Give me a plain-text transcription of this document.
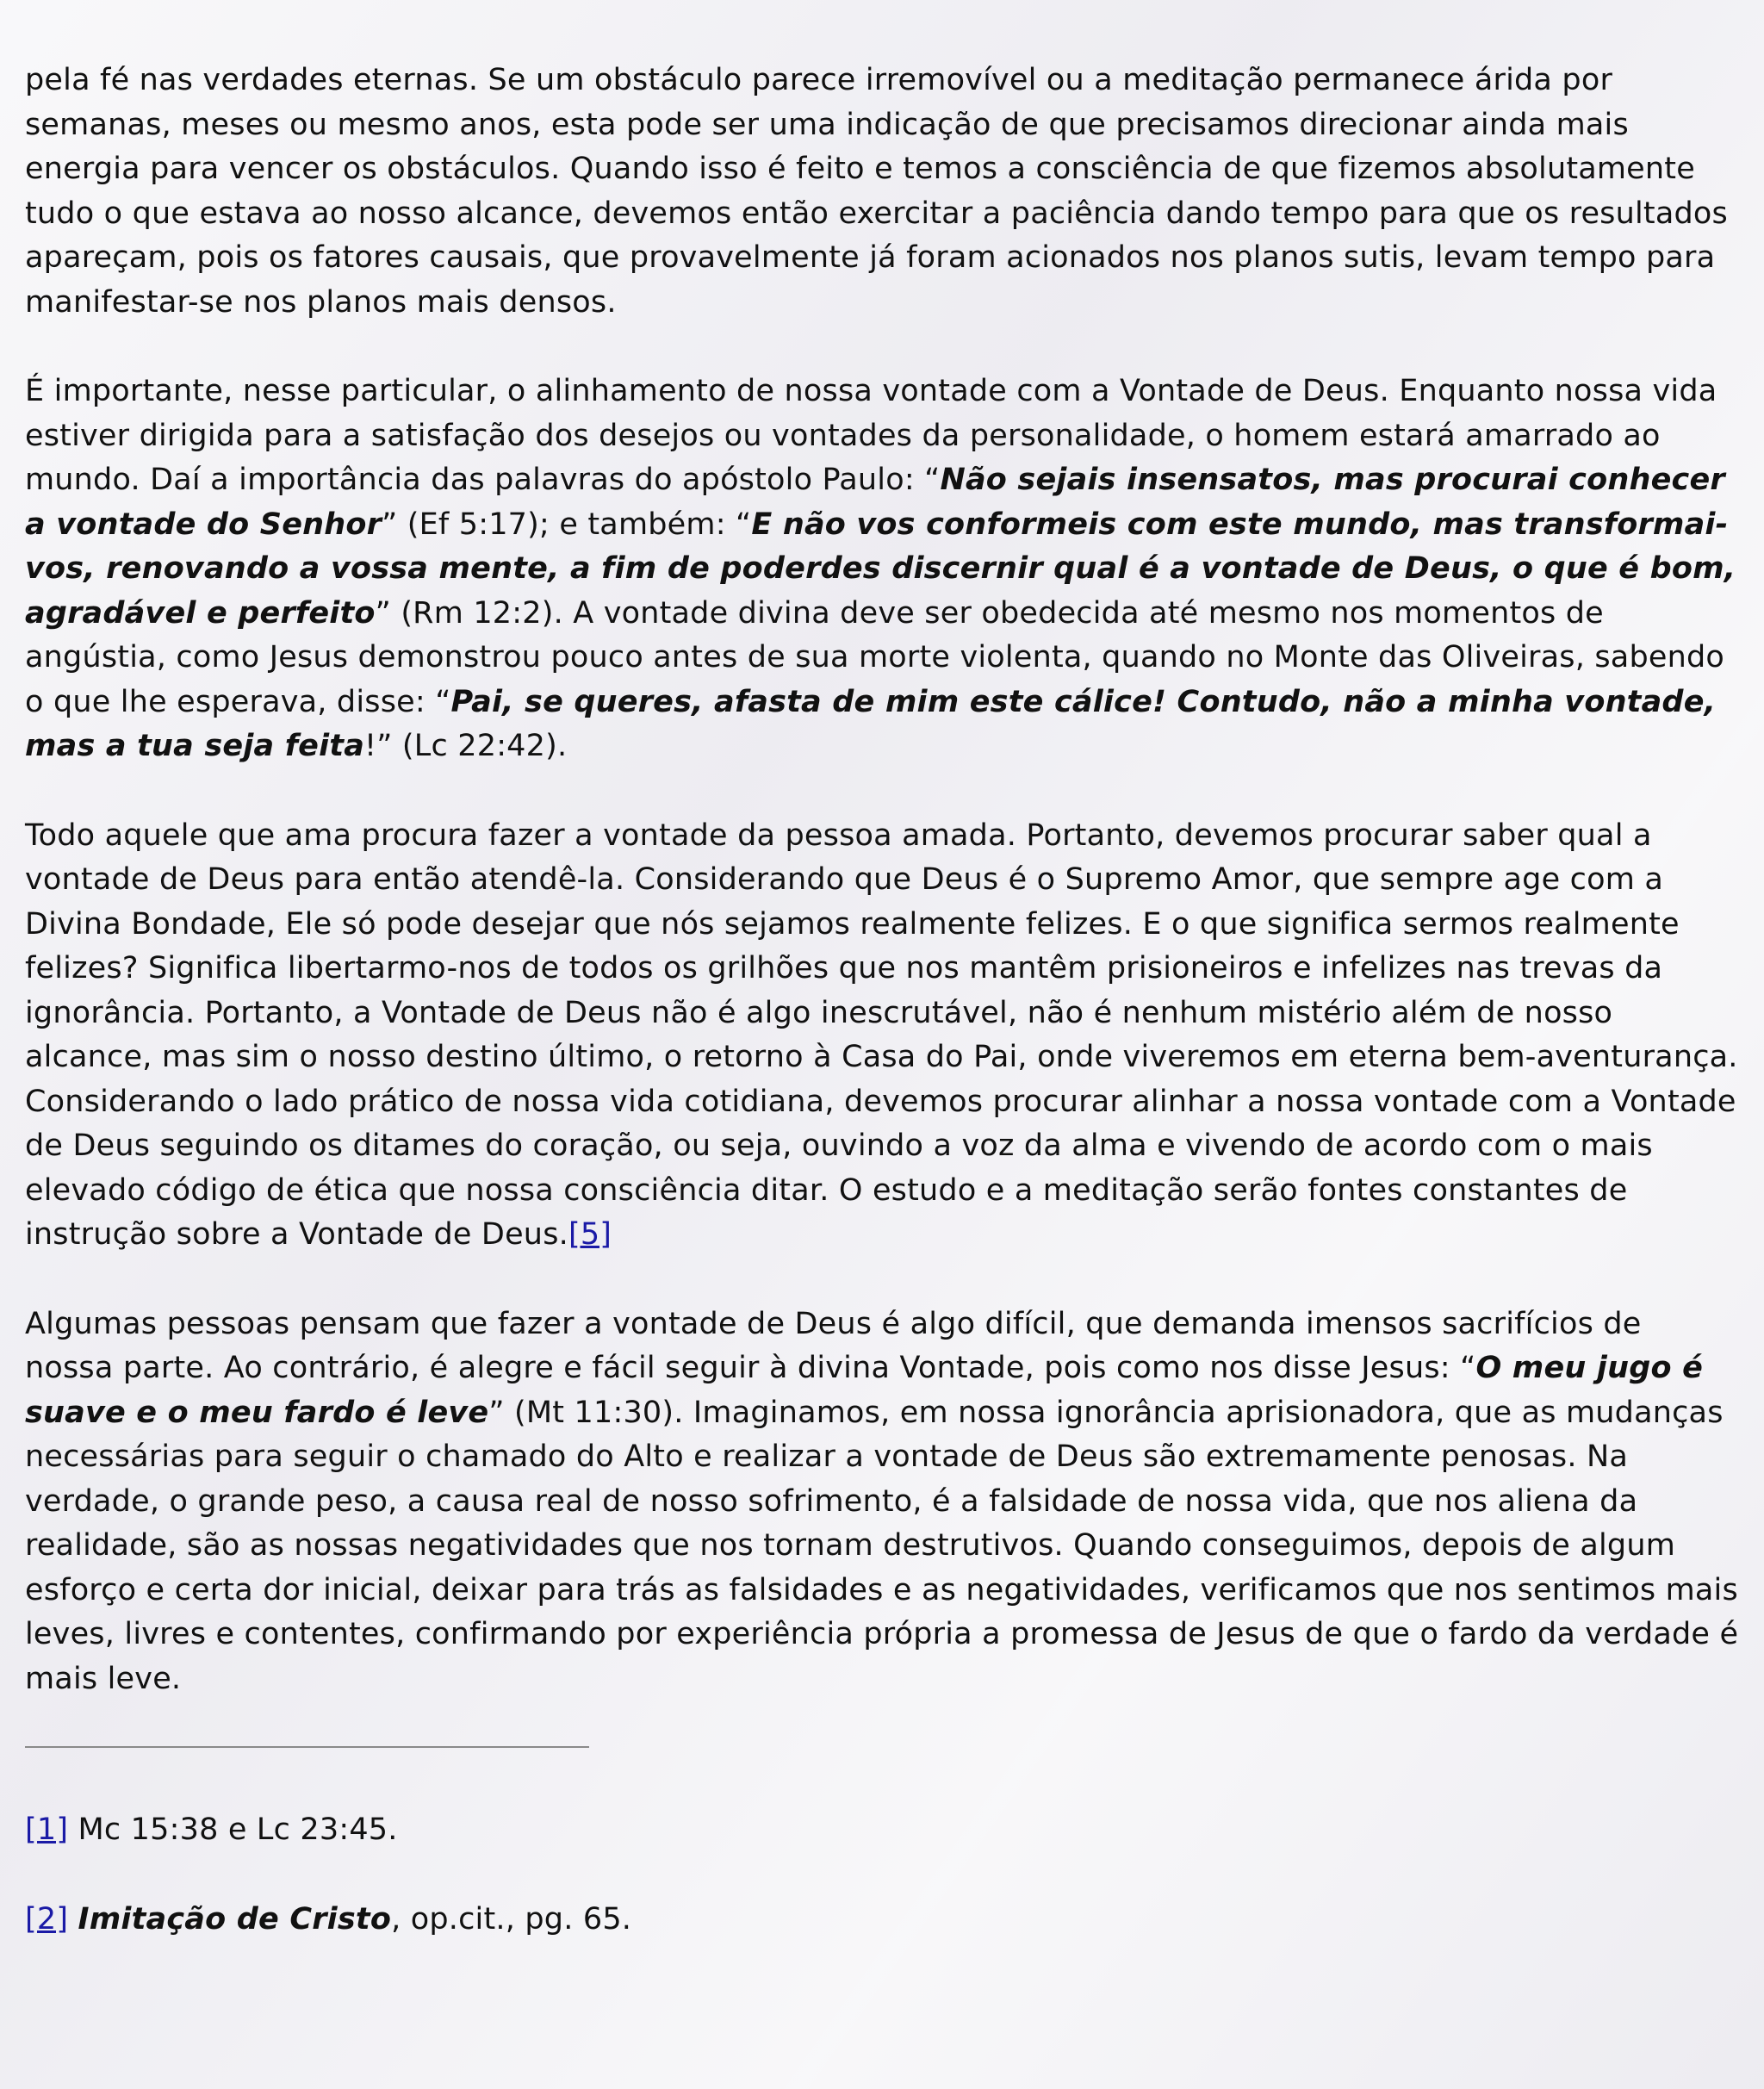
pela fé nas verdades eternas. Se um obstáculo parece irremovível ou a meditação permanece árida por semanas, meses ou mesmo anos, esta pode ser uma indicação de que precisamos direcionar ainda mais energia para vencer os obstáculos. Quando isso é feito e temos a consciência de que fizemos absolutamente tudo o que estava ao nosso alcance, devemos então exercitar a paciência dando tempo para que os resultados apareçam, pois os fatores causais, que provavelmente já foram acionados nos planos sutis, levam tempo para manifestar-se nos planos mais densos.

É importante, nesse particular, o alinhamento de nossa vontade com a Vontade de Deus. Enquanto nossa vida estiver dirigida para a satisfação dos desejos ou vontades da personalidade, o homem estará amarrado ao mundo. Daí a importância das palavras do apóstolo Paulo: “Não sejais insensatos, mas procurai conhecer a vontade do Senhor” (Ef 5:17); e também: “E não vos conformeis com este mundo, mas transformai-vos, renovando a vossa mente, a fim de poderdes discernir qual é a vontade de Deus, o que é bom, agradável e perfeito” (Rm 12:2). A vontade divina deve ser obedecida até mesmo nos momentos de angústia, como Jesus demonstrou pouco antes de sua morte violenta, quando no Monte das Oliveiras, sabendo o que lhe esperava, disse: “Pai, se queres, afasta de mim este cálice! Contudo, não a minha vontade, mas a tua seja feita!” (Lc 22:42).

Todo aquele que ama procura fazer a vontade da pessoa amada. Portanto, devemos procurar saber qual a vontade de Deus para então atendê-la. Considerando que Deus é o Supremo Amor, que sempre age com a Divina Bondade, Ele só pode desejar que nós sejamos realmente felizes. E o que significa sermos realmente felizes? Significa libertarmo-nos de todos os grilhões que nos mantêm prisioneiros e infelizes nas trevas da ignorância. Portanto, a Vontade de Deus não é algo inescrutável, não é nenhum mistério além de nosso alcance, mas sim o nosso destino último, o retorno à Casa do Pai, onde viveremos em eterna bem-aventurança. Considerando o lado prático de nossa vida cotidiana, devemos procurar alinhar a nossa vontade com a Vontade de Deus seguindo os ditames do coração, ou seja, ouvindo a voz da alma e vivendo de acordo com o mais elevado código de ética que nossa consciência ditar. O estudo e a meditação serão fontes constantes de instrução sobre a Vontade de Deus.[5]

Algumas pessoas pensam que fazer a vontade de Deus é algo difícil, que demanda imensos sacrifícios de nossa parte. Ao contrário, é alegre e fácil seguir à divina Vontade, pois como nos disse Jesus: “O meu jugo é suave e o meu fardo é leve” (Mt 11:30). Imaginamos, em nossa ignorância aprisionadora, que as mudanças necessárias para seguir o chamado do Alto e realizar a vontade de Deus são extremamente penosas. Na verdade, o grande peso, a causa real de nosso sofrimento, é a falsidade de nossa vida, que nos aliena da realidade, são as nossas negatividades que nos tornam destrutivos. Quando conseguimos, depois de algum esforço e certa dor inicial, deixar para trás as falsidades e as negatividades, verificamos que nos sentimos mais leves, livres e contentes, confirmando por experiência própria a promessa de Jesus de que o fardo da verdade é mais leve.

[1] Mc 15:38 e Lc 23:45.

[2] Imitação de Cristo, op.cit., pg. 65.
